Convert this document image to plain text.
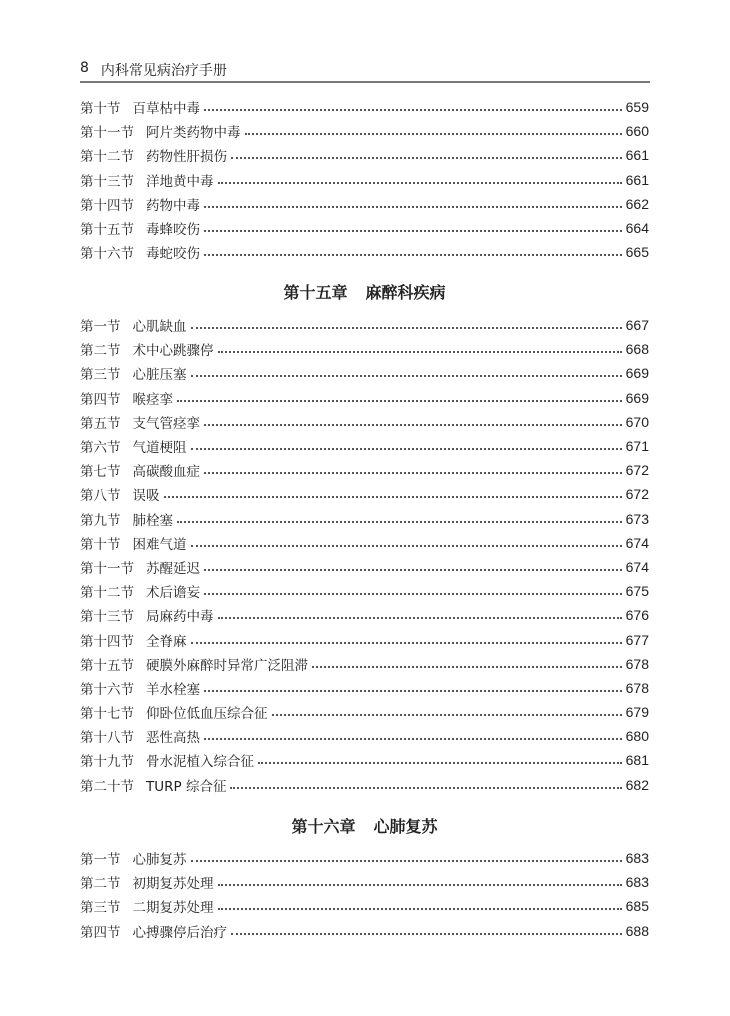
8 内科常见病治疗手册
第十节 百草枯中毒	659
第十一节 阿片类药物中毒	660
第十二节 药物性肝损伤	661
第十三节 洋地黄中毒	661
第十四节 药物中毒	662
第十五节 毒蜂咬伤	664
第十六节 毒蛇咬伤	665
第十五章 麻醉科疾病
第一节 心肌缺血	667
第二节 术中心跳骤停	668
第三节 心脏压塞	669
第四节 喉痉挛	669
第五节 支气管痉挛	670
第六节 气道梗阻	671
第七节 高碳酸血症	672
第八节 误吸	672
第九节 肺栓塞	673
第十节 困难气道	674
第十一节 苏醒延迟	674
第十二节 术后谵妄	675
第十三节 局麻药中毒	676
第十四节 全脊麻	677
第十五节 硬膜外麻醉时异常广泛阻滞	678
第十六节 羊水栓塞	678
第十七节 仰卧位低血压综合征	679
第十八节 恶性高热	680
第十九节 骨水泥植入综合征	681
第二十节 TURP 综合征	682
第十六章 心肺复苏
第一节 心肺复苏	683
第二节 初期复苏处理	683
第三节 二期复苏处理	685
第四节 心搏骤停后治疗	688
